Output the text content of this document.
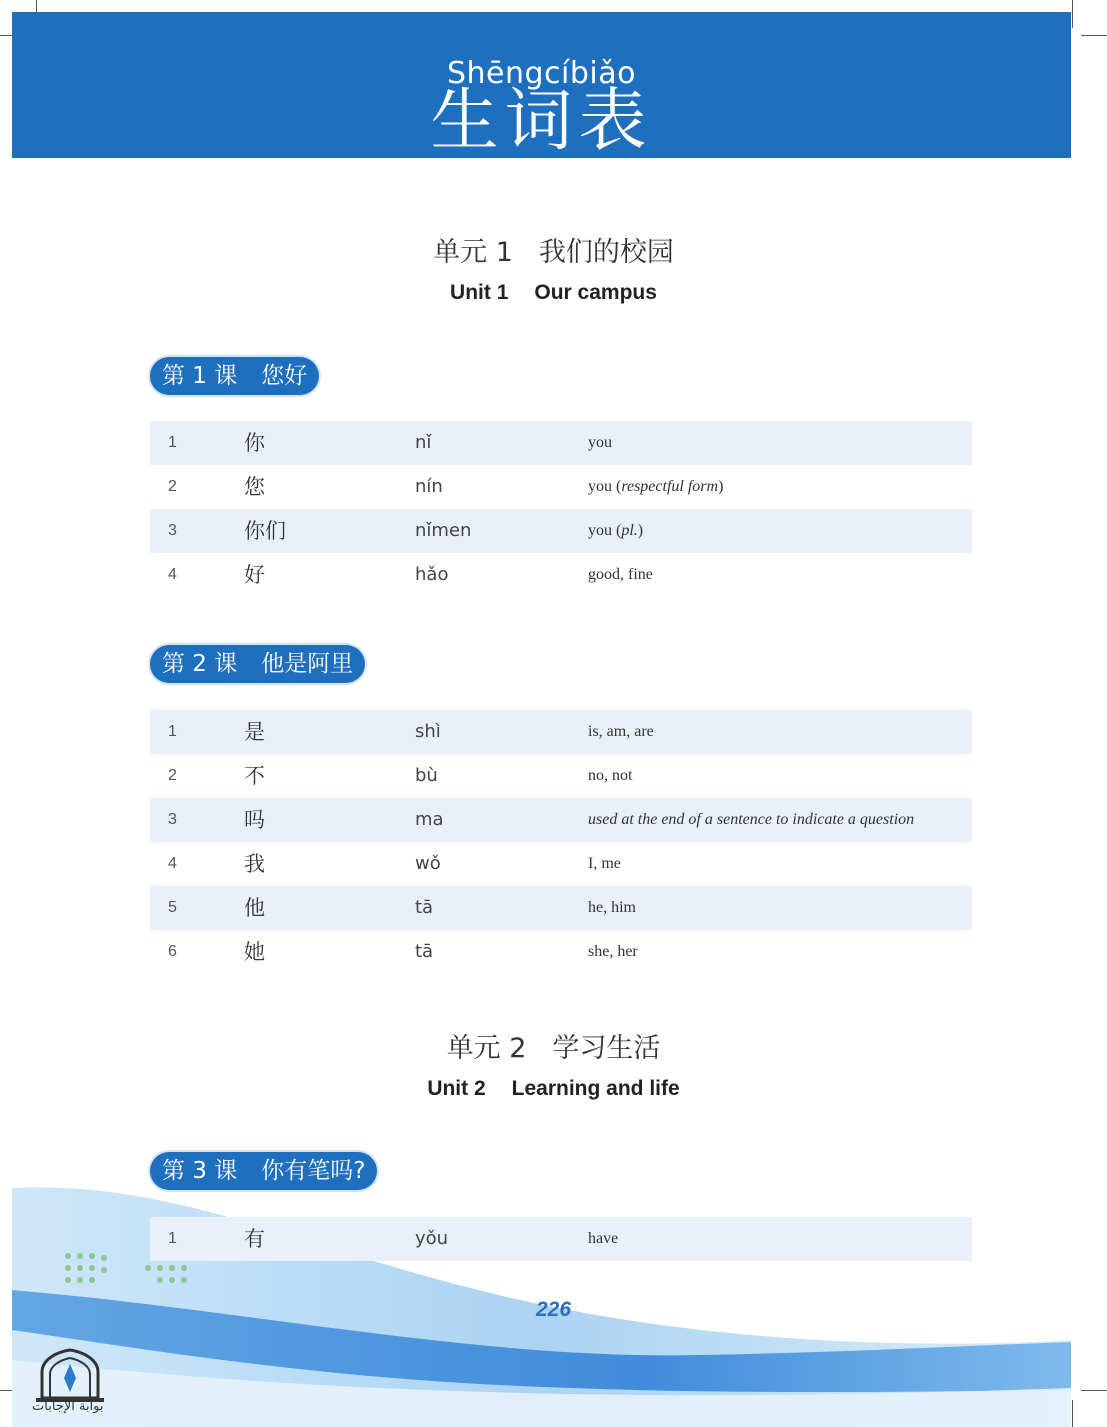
Shēngcíbiǎo
生词表
单元 1 我们的校园
Unit 1 Our campus
第 1 课 您好
1	你	nǐ	you
2	您	nín	you (respectful form)
3	你们	nǐmen	you (pl.)
4	好	hǎo	good, fine
第 2 课 他是阿里
1	是	shì	is, am, are
2	不	bù	no, not
3	吗	ma	used at the end of a sentence to indicate a question
4	我	wǒ	I, me
5	他	tā	he, him
6	她	tā	she, her
单元 2 学习生活
Unit 2 Learning and life
第 3 课 你有笔吗?
1	有	yǒu	have
226
بوابة الإجابات
